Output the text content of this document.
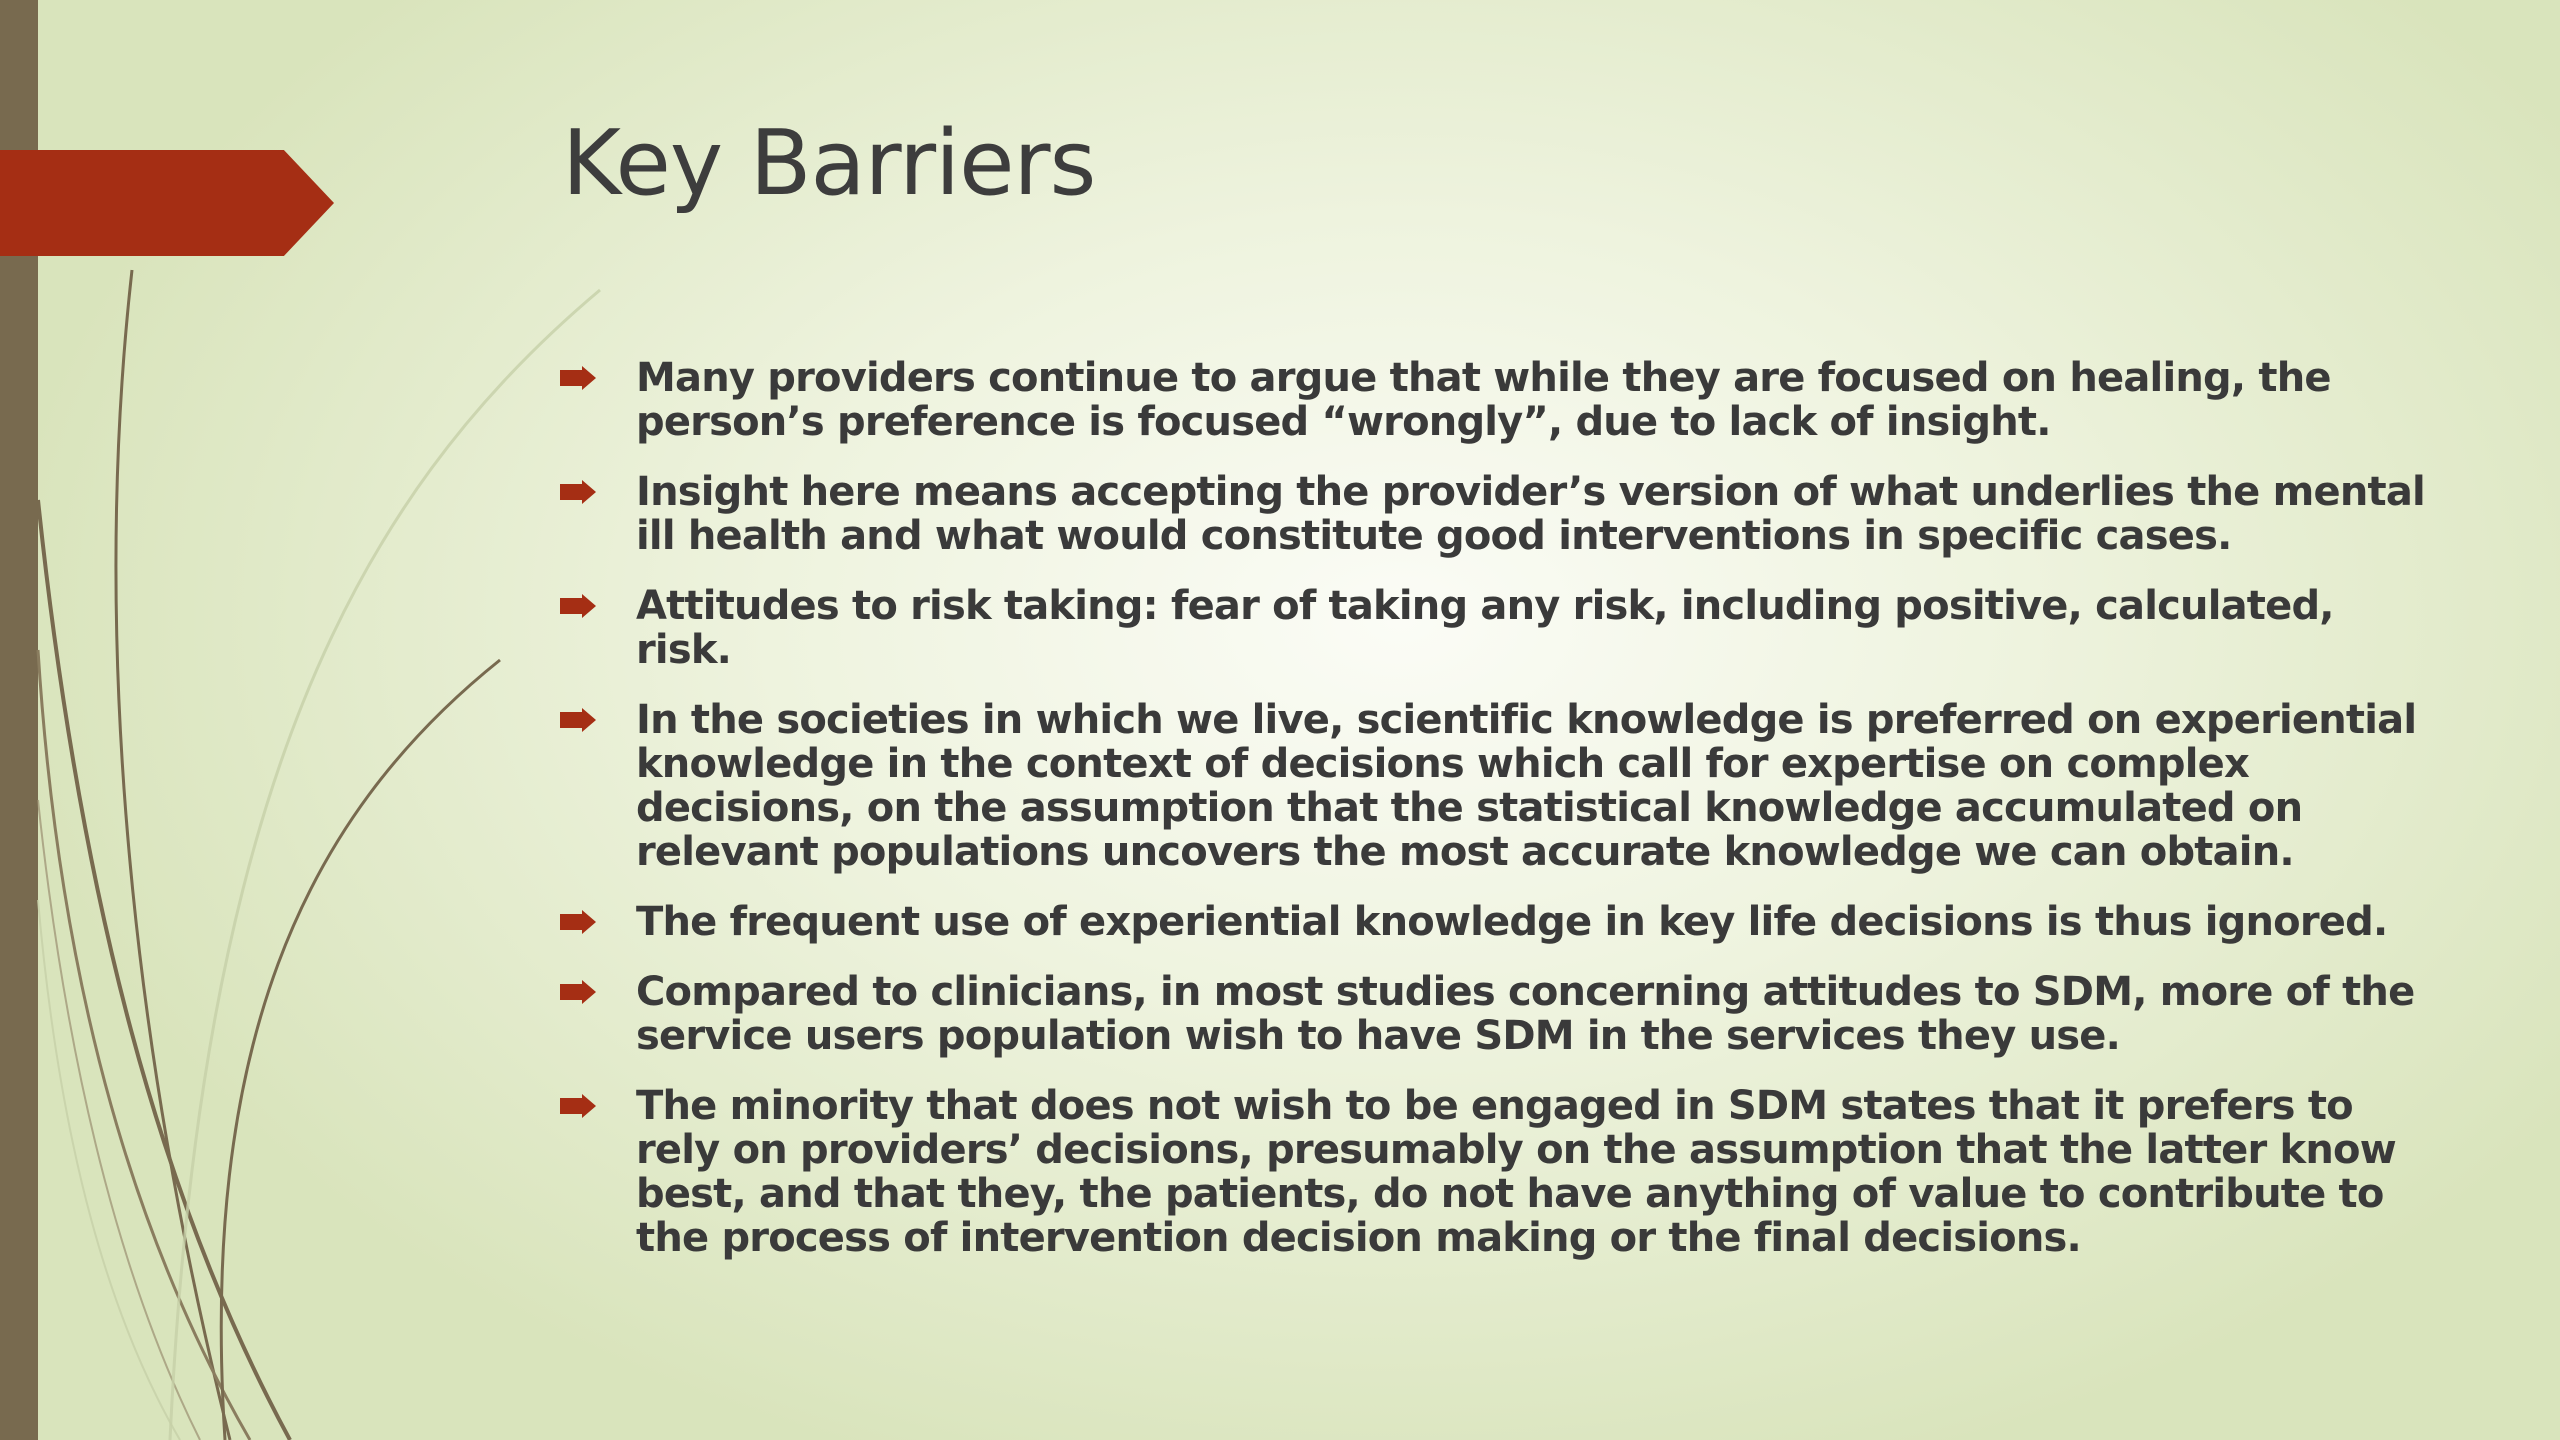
Key Barriers
Many providers continue to argue that while they are focused on healing, the person’s preference is focused “wrongly”, due to lack of insight.
Insight here means accepting the provider’s version of what underlies the mental ill health and what would constitute good interventions in specific cases.
Attitudes to risk taking: fear of taking any risk, including positive, calculated, risk.
In the societies in which we live, scientific knowledge is preferred on experiential knowledge in the context of decisions which call for expertise on complex decisions, on the assumption that the statistical knowledge accumulated on relevant populations uncovers the most accurate knowledge we can obtain.
The frequent use of experiential knowledge in key life decisions is thus ignored.
Compared to clinicians, in most studies concerning attitudes to SDM, more of the service users population wish to have SDM in the services they use.
The minority that does not wish to be engaged in SDM states that it prefers to rely on providers’ decisions, presumably on the assumption that the latter know best, and that they, the patients, do not have anything of value to contribute to the process of intervention decision making or the final decisions.
